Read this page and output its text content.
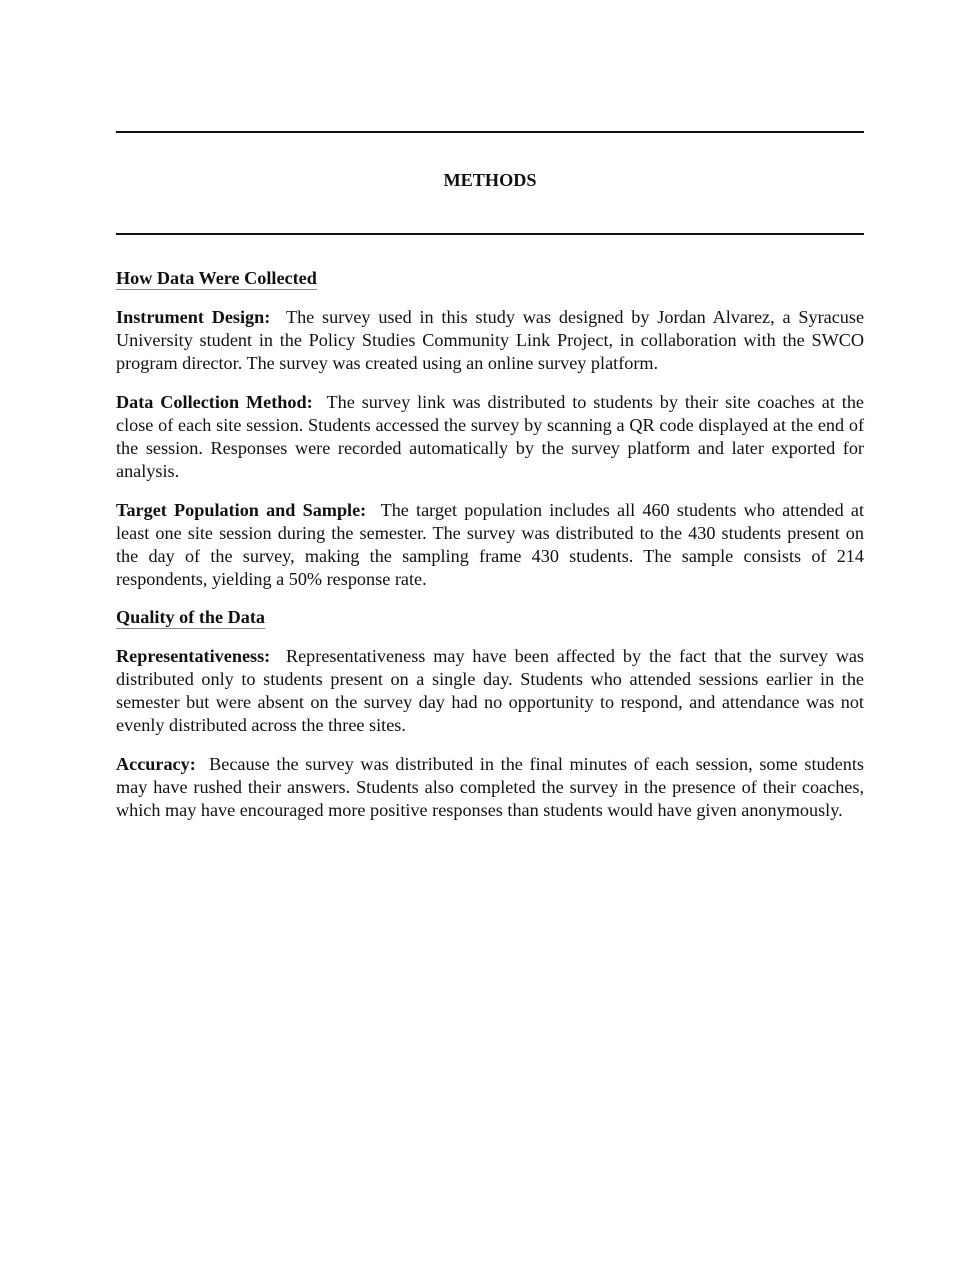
METHODS
How Data Were Collected

Instrument Design: The survey used in this study was designed by Jordan Alvarez, a Syracuse University student in the Policy Studies Community Link Project, in collaboration with the SWCO program director. The survey was created using an online survey platform.

Data Collection Method: The survey link was distributed to students by their site coaches at the close of each site session. Students accessed the survey by scanning a QR code displayed at the end of the session. Responses were recorded automatically by the survey platform and later exported for analysis.

Target Population and Sample: The target population includes all 460 students who attended at least one site session during the semester. The survey was distributed to the 430 students present on the day of the survey, making the sampling frame 430 students. The sample consists of 214 respondents, yielding a 50% response rate.

Quality of the Data

Representativeness: Representativeness may have been affected by the fact that the survey was distributed only to students present on a single day. Students who attended sessions earlier in the semester but were absent on the survey day had no opportunity to respond, and attendance was not evenly distributed across the three sites.

Accuracy: Because the survey was distributed in the final minutes of each session, some students may have rushed their answers. Students also completed the survey in the presence of their coaches, which may have encouraged more positive responses than students would have given anonymously.
